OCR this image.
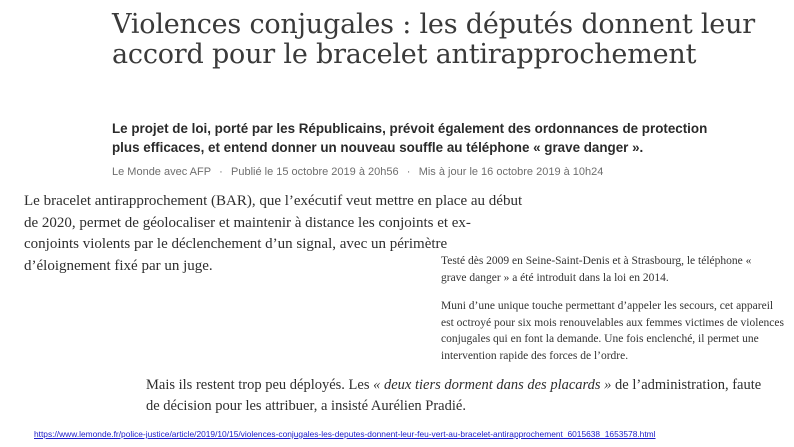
Violences conjugales : les députés donnent leur accord pour le bracelet antirapprochement
Le projet de loi, porté par les Républicains, prévoit également des ordonnances de protection plus efficaces, et entend donner un nouveau souffle au téléphone « grave danger ».
Le Monde avec AFP · Publié le 15 octobre 2019 à 20h56 · Mis à jour le 16 octobre 2019 à 10h24
Le bracelet antirapprochement (BAR), que l’exécutif veut mettre en place au début de 2020, permet de géolocaliser et maintenir à distance les conjoints et ex-conjoints violents par le déclenchement d’un signal, avec un périmètre d’éloignement fixé par un juge.	Testé dès 2009 en Seine-Saint-Denis et à Strasbourg, le téléphone « grave danger » a été introduit dans la loi en 2014.
Muni d’une unique touche permettant d’appeler les secours, cet appareil est octroyé pour six mois renouvelables aux femmes victimes de violences conjugales qui en font la demande. Une fois enclenché, il permet une intervention rapide des forces de l’ordre.
Mais ils restent trop peu déployés. Les « deux tiers dorment dans des placards » de l’administration, faute de décision pour les attribuer, a insisté Aurélien Pradié.
https://www.lemonde.fr/police-justice/article/2019/10/15/violences-conjugales-les-deputes-donnent-leur-feu-vert-au-bracelet-antirapprochement_6015638_1653578.html
